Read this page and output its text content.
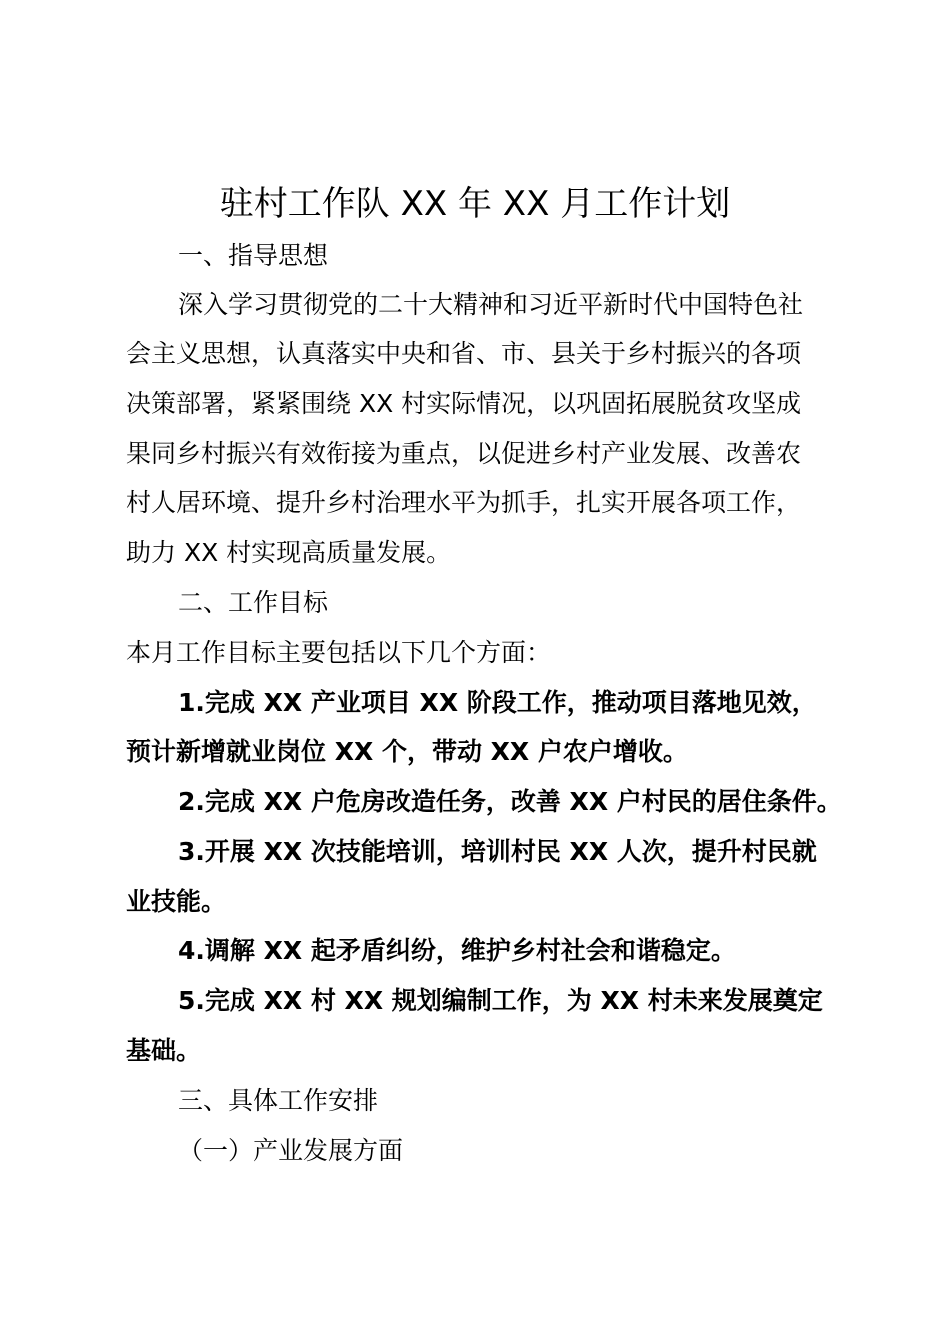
驻村工作队 XX 年 XX 月工作计划
一、指导思想
深入学习贯彻党的二十大精神和习近平新时代中国特色社
会主义思想，认真落实中央和省、市、县关于乡村振兴的各项
决策部署，紧紧围绕 XX 村实际情况，以巩固拓展脱贫攻坚成
果同乡村振兴有效衔接为重点，以促进乡村产业发展、改善农
村人居环境、提升乡村治理水平为抓手，扎实开展各项工作，
助力 XX 村实现高质量发展。
二、工作目标
本月工作目标主要包括以下几个方面：
1.完成 XX 产业项目 XX 阶段工作，推动项目落地见效，
预计新增就业岗位 XX 个，带动 XX 户农户增收。
2.完成 XX 户危房改造任务，改善 XX 户村民的居住条件。
3.开展 XX 次技能培训，培训村民 XX 人次，提升村民就
业技能。
4.调解 XX 起矛盾纠纷，维护乡村社会和谐稳定。
5.完成 XX 村 XX 规划编制工作，为 XX 村未来发展奠定
基础。
三、具体工作安排
（一）产业发展方面
